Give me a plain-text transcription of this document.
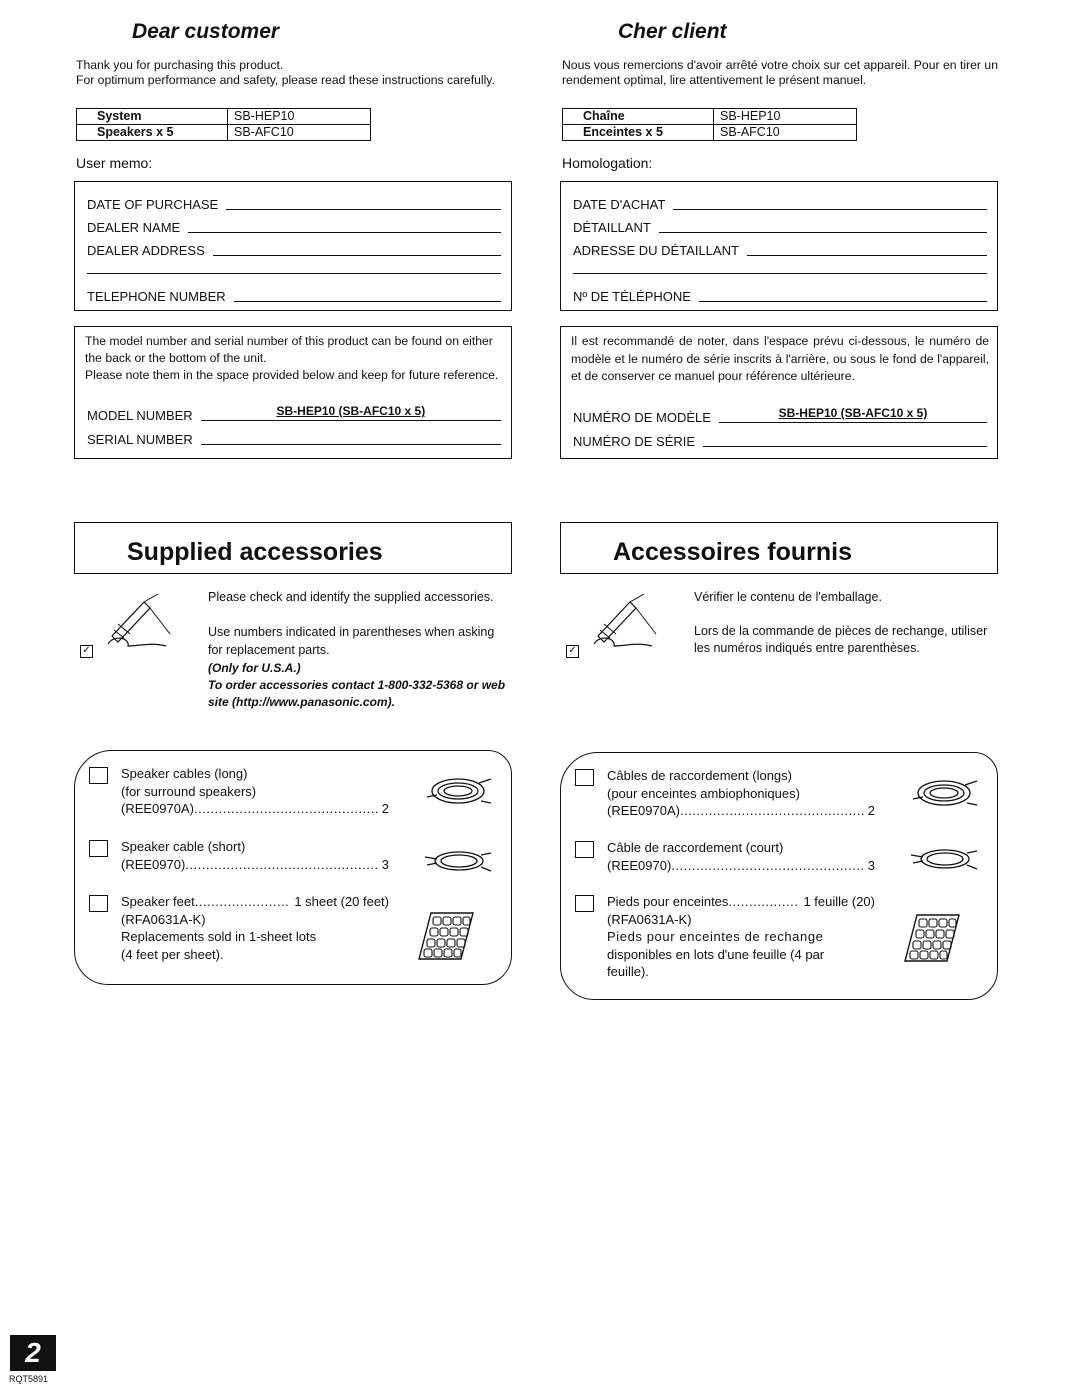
Dear customer

Thank you for purchasing this product.

For optimum performance and safety, please read these instructions carefully.

System	SB-HEP10
Speakers x 5	SB-AFC10
User memo:
DATE OF PURCHASE
DEALER NAME
DEALER ADDRESS
TELEPHONE NUMBER

The model number and serial number of this product can be found on either the back or the bottom of the unit.

Please note them in the space provided below and keep for future reference.

MODEL NUMBER	SB-HEP10 (SB-AFC10 x 5)
SERIAL NUMBER
Supplied accessories
✓

Please check and identify the supplied accessories.

Use numbers indicated in parentheses when asking for replacement parts.

(Only for U.S.A.)
To order accessories contact 1-800-332-5368 or web site (http://www.panasonic.com).
Speaker cables (long)
(for surround speakers)
(REE0970A) .....	2
Speaker cable (short)
(REE0970) .....	3
Speaker feet .....	1 sheet (20 feet)
(RFA0631A-K)
Replacements sold in 1-sheet lots
(4 feet per sheet).
Cher client

Nous vous remercions d'avoir arrêté votre choix sur cet appareil. Pour en tirer un rendement optimal, lire attentivement le présent manuel.

Chaîne	SB-HEP10
Enceintes x 5	SB-AFC10
Homologation:
DATE D'ACHAT
DÉTAILLANT
ADRESSE DU DÉTAILLANT
Nº DE TÉLÉPHONE

Il est recommandé de noter, dans l'espace prévu ci-dessous, le numéro de modèle et le numéro de série inscrits à l'arrière, ou sous le fond de l'appareil, et de conserver ce manuel pour référence ultérieure.

NUMÉRO DE MODÈLE	SB-HEP10 (SB-AFC10 x 5)
NUMÉRO DE SÉRIE
Accessoires fournis
✓

Vérifier le contenu de l'emballage.

Lors de la commande de pièces de rechange, utiliser les numéros indiqués entre parenthèses.

Câbles de raccordement (longs)
(pour enceintes ambiophoniques)
(REE0970A) .....	2
Câble de raccordement (court)
(REE0970) .....	3
Pieds pour enceintes .....	1 feuille (20)
(RFA0631A-K)
Pieds pour enceintes de rechange
disponibles en lots d'une feuille (4 par
feuille).
2
RQT5891
